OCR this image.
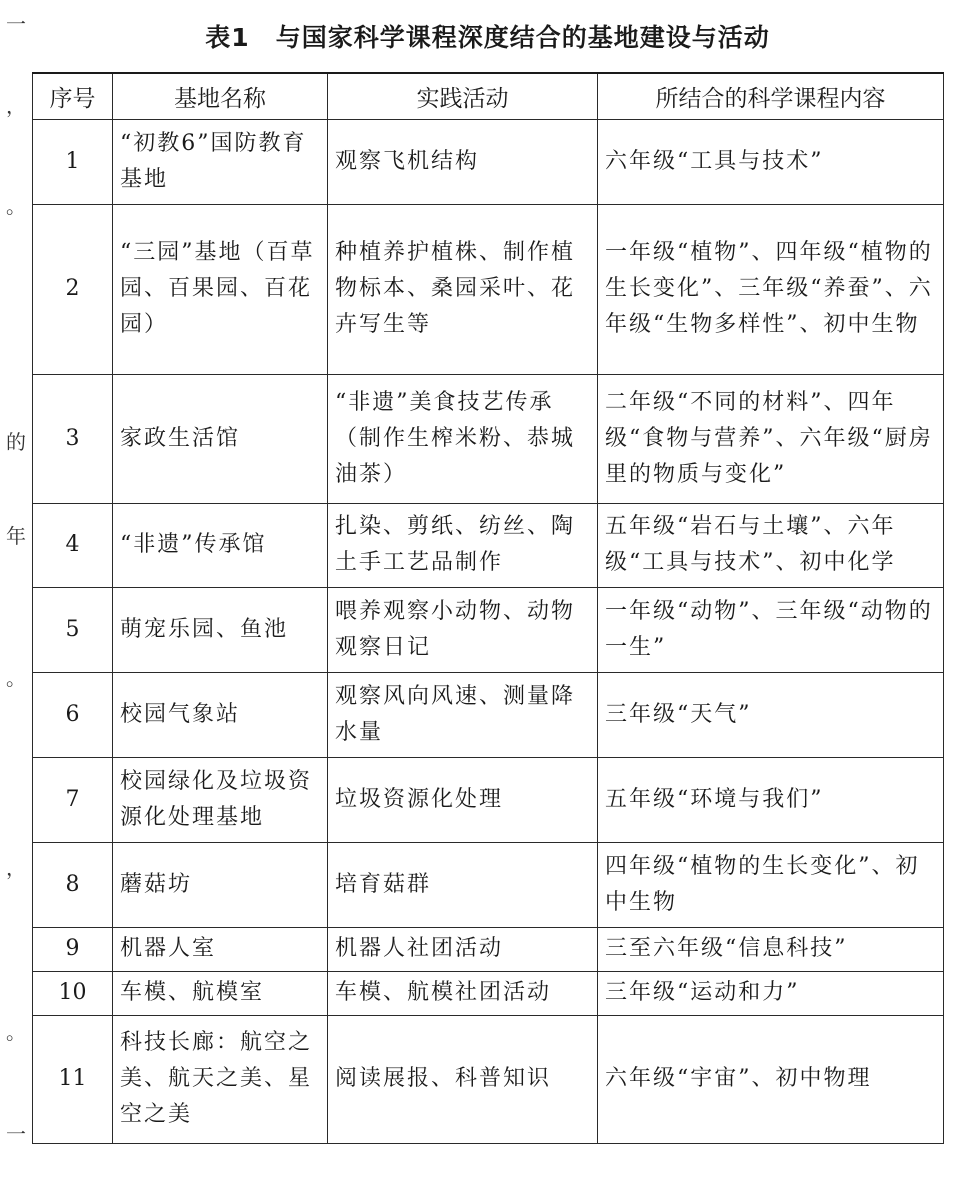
一
，
。
的
年
。
，
。
一
表1　与国家科学课程深度结合的基地建设与活动
序号	基地名称	实践活动	所结合的科学课程内容
1	“初教6”国防教育基地	观察飞机结构	六年级“工具与技术”
2	“三园”基地（百草园、百果园、百花园）	种植养护植株、制作植物标本、桑园采叶、花卉写生等	一年级“植物”、四年级“植物的生长变化”、三年级“养蚕”、六年级“生物多样性”、初中生物
3	家政生活馆	“非遗”美食技艺传承（制作生榨米粉、恭城油茶）	二年级“不同的材料”、四年级“食物与营养”、六年级“厨房里的物质与变化”
4	“非遗”传承馆	扎染、剪纸、纺丝、陶土手工艺品制作	五年级“岩石与土壤”、六年级“工具与技术”、初中化学
5	萌宠乐园、鱼池	喂养观察小动物、动物观察日记	一年级“动物”、三年级“动物的一生”
6	校园气象站	观察风向风速、测量降水量	三年级“天气”
7	校园绿化及垃圾资源化处理基地	垃圾资源化处理	五年级“环境与我们”
8	蘑菇坊	培育菇群	四年级“植物的生长变化”、初中生物
9	机器人室	机器人社团活动	三至六年级“信息科技”
10	车模、航模室	车模、航模社团活动	三年级“运动和力”
11	科技长廊：航空之美、航天之美、星空之美	阅读展报、科普知识	六年级“宇宙”、初中物理
